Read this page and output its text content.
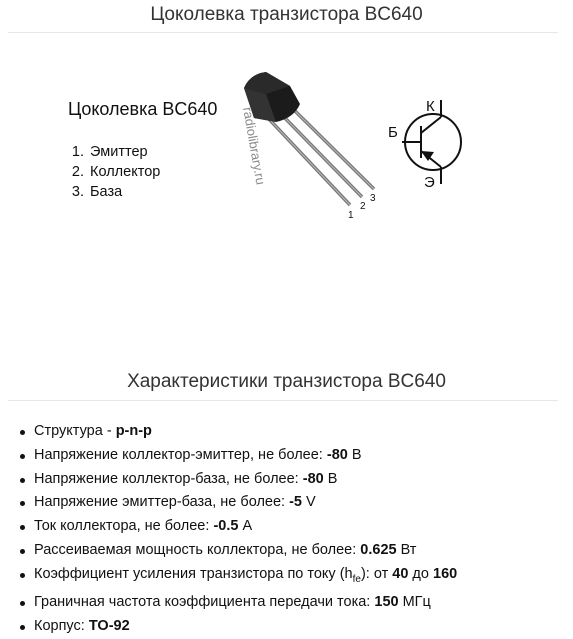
Цоколевка транзистора BC640
Цоколевка BC640
1. Эмиттер
2. Коллектор
3. База
1
2
3
radiolibrary.ru	К
Б
Э
Характеристики транзистора BC640
Структура - p-n-p
Напряжение коллектор-эмиттер, не более: -80 В
Напряжение коллектор-база, не более: -80 В
Напряжение эмиттер-база, не более: -5 V
Ток коллектора, не более: -0.5 А
Рассеиваемая мощность коллектора, не более: 0.625 Вт
Коэффициент усиления транзистора по току $(h_{fe})$: от 40 до 160
Граничная частота коэффициента передачи тока: 150 МГц
Корпус: TO-92
